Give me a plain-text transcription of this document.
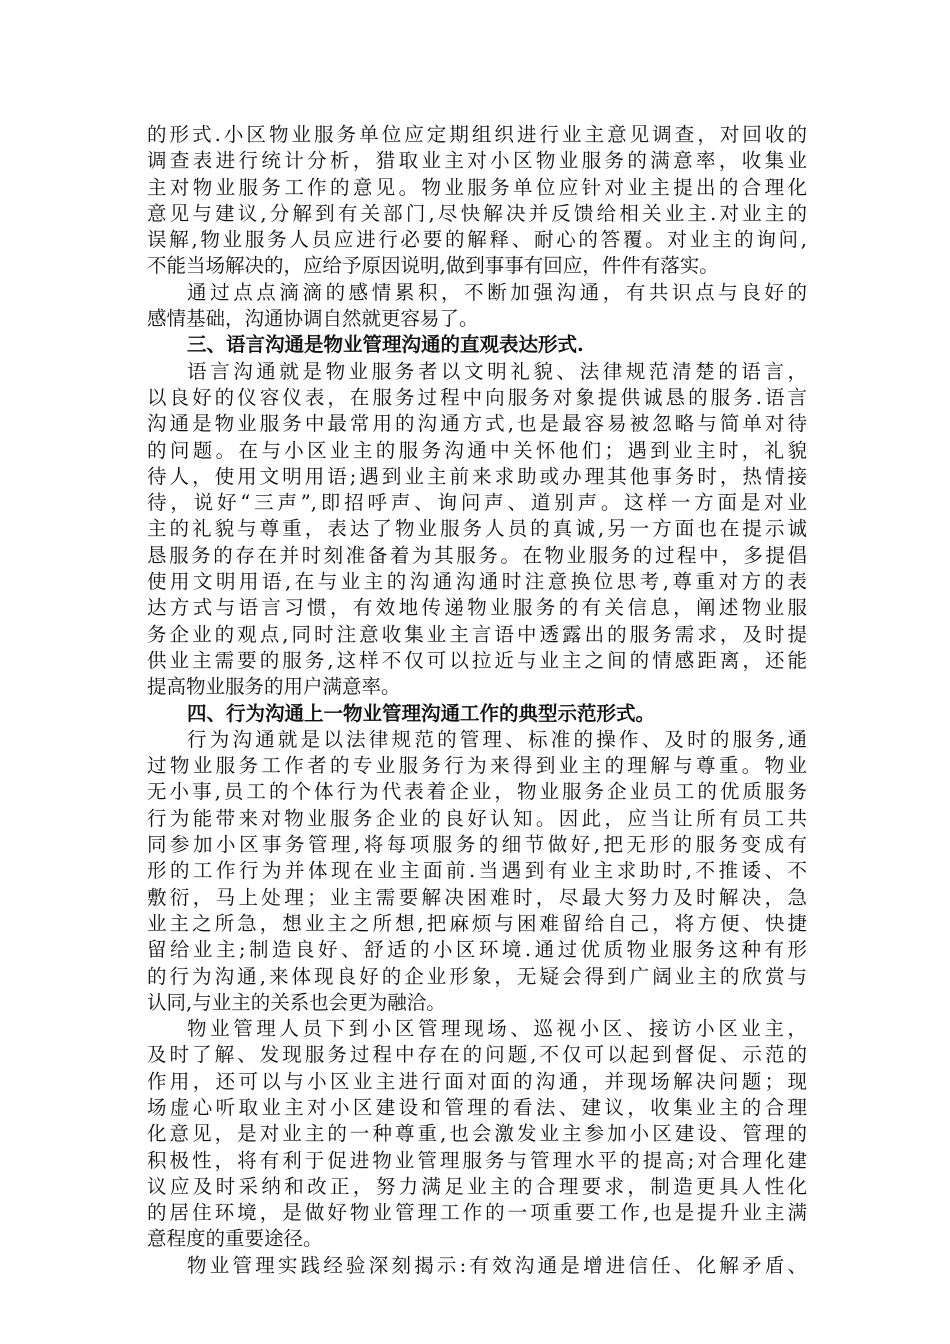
的形式.小区物业服务单位应定期组织进行业主意见调查，对回收的
调查表进行统计分析，猎取业主对小区物业服务的满意率，收集业
主对物业服务工作的意见。物业服务单位应针对业主提出的合理化
意见与建议,分解到有关部门,尽快解决并反馈给相关业主.对业主的
误解,物业服务人员应进行必要的解释、耐心的答覆。对业主的询问,
不能当场解决的，应给予原因说明,做到事事有回应，件件有落实。
通过点点滴滴的感情累积，不断加强沟通，有共识点与良好的
感情基础，沟通协调自然就更容易了。
三、语言沟通是物业管理沟通的直观表达形式.
语言沟通就是物业服务者以文明礼貌、法律规范清楚的语言，
以良好的仪容仪表，在服务过程中向服务对象提供诚恳的服务.语言
沟通是物业服务中最常用的沟通方式,也是最容易被忽略与简单对待
的问题。在与小区业主的服务沟通中关怀他们；遇到业主时，礼貌
待人，使用文明用语;遇到业主前来求助或办理其他事务时，热情接
待，说好“三声”,即招呼声、询问声、道别声。这样一方面是对业
主的礼貌与尊重，表达了物业服务人员的真诚,另一方面也在提示诚
恳服务的存在并时刻准备着为其服务。在物业服务的过程中，多提倡
使用文明用语,在与业主的沟通沟通时注意换位思考,尊重对方的表
达方式与语言习惯，有效地传递物业服务的有关信息，阐述物业服
务企业的观点,同时注意收集业主言语中透露出的服务需求，及时提
供业主需要的服务,这样不仅可以拉近与业主之间的情感距离，还能
提高物业服务的用户满意率。
四、行为沟通上一物业管理沟通工作的典型示范形式。
行为沟通就是以法律规范的管理、标准的操作、及时的服务,通
过物业服务工作者的专业服务行为来得到业主的理解与尊重。物业
无小事,员工的个体行为代表着企业，物业服务企业员工的优质服务
行为能带来对物业服务企业的良好认知。因此，应当让所有员工共
同参加小区事务管理,将每项服务的细节做好,把无形的服务变成有
形的工作行为并体现在业主面前.当遇到有业主求助时,不推诿、不
敷衍，马上处理；业主需要解决困难时，尽最大努力及时解决，急
业主之所急，想业主之所想,把麻烦与困难留给自己，将方便、快捷
留给业主;制造良好、舒适的小区环境.通过优质物业服务这种有形
的行为沟通,来体现良好的企业形象，无疑会得到广阔业主的欣赏与
认同,与业主的关系也会更为融洽。
物业管理人员下到小区管理现场、巡视小区、接访小区业主，
及时了解、发现服务过程中存在的问题,不仅可以起到督促、示范的
作用，还可以与小区业主进行面对面的沟通，并现场解决问题；现
场虚心听取业主对小区建设和管理的看法、建议，收集业主的合理
化意见，是对业主的一种尊重,也会激发业主参加小区建设、管理的
积极性，将有利于促进物业管理服务与管理水平的提高;对合理化建
议应及时采纳和改正，努力满足业主的合理要求，制造更具人性化
的居住环境，是做好物业管理工作的一项重要工作,也是提升业主满
意程度的重要途径。
物业管理实践经验深刻揭示:有效沟通是增进信任、化解矛盾、
